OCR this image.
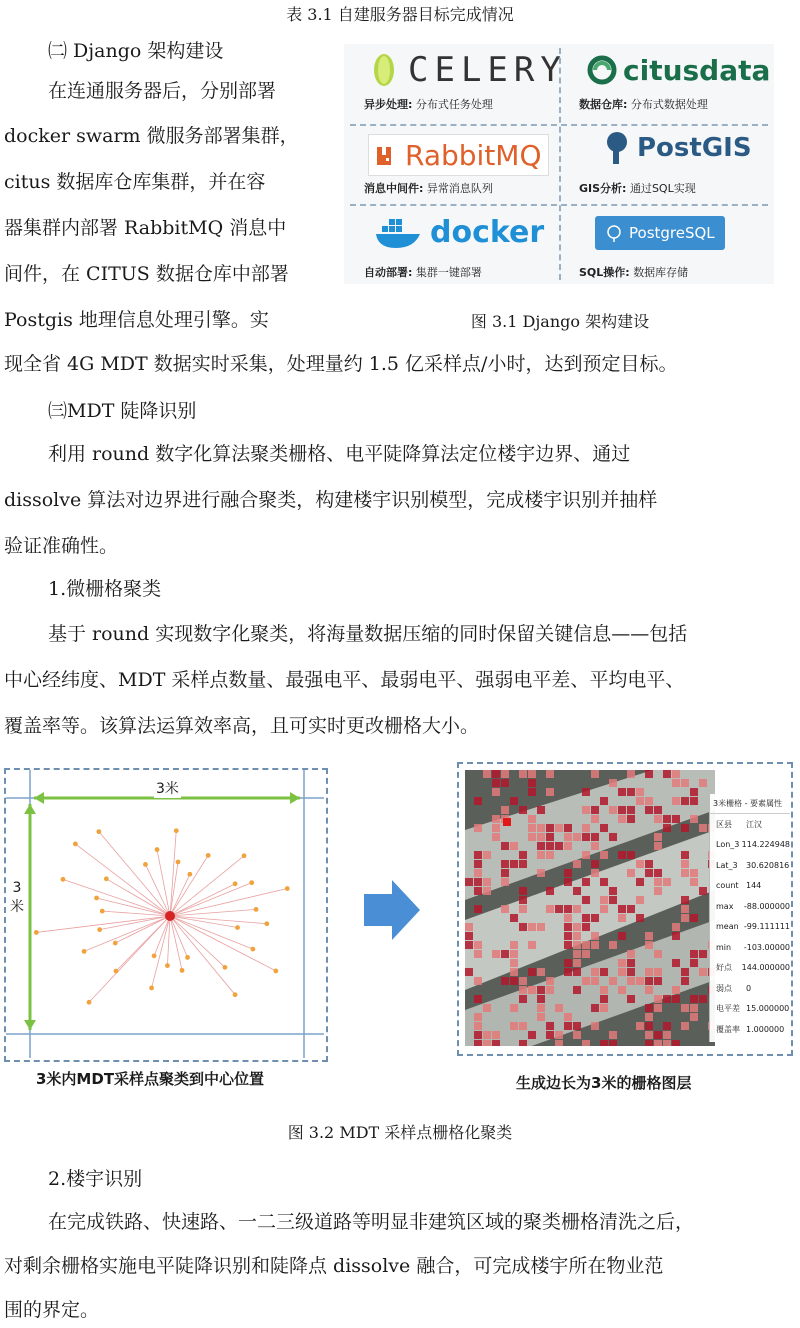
表 3.1 自建服务器目标完成情况
㈡ Django 架构建设
在连通服务器后，分别部署
docker swarm 微服务部署集群，
citus 数据库仓库集群，并在容
器集群内部署 RabbitMQ 消息中
间件，在 CITUS 数据仓库中部署
Postgis 地理信息处理引擎。实
CELERY
异步处理: 分布式任务处理
citusdata
数据仓库: 分布式数据处理
RabbitMQ
消息中间件: 异常消息队列
PostGIS
GIS分析: 通过SQL实现
docker
自动部署: 集群一键部署
PostgreSQL
SQL操作: 数据库存储
图 3.1 Django 架构建设
现全省 4G MDT 数据实时采集，处理量约 1.5 亿采样点/小时，达到预定目标。
㈢MDT 陡降识别
利用 round 数字化算法聚类栅格、电平陡降算法定位楼宇边界、通过
dissolve 算法对边界进行融合聚类，构建楼宇识别模型，完成楼宇识别并抽样
验证准确性。
1.微栅格聚类
基于 round 实现数字化聚类，将海量数据压缩的同时保留关键信息——包括
中心经纬度、MDT 采样点数量、最强电平、最弱电平、强弱电平差、平均电平、
覆盖率等。该算法运算效率高，且可实时更改栅格大小。
3米
3
米
3米内MDT采样点聚类到中心位置
3米栅格 - 要素属性
区县	江汉
Lon_3 114.224948
Lat_3	30.620816
count 144
max	-88.000000
mean -99.111111
min	-103.00000
好点	144.000000
弱点	0
电平差 15.000000
覆盖率 1.000000
生成边长为3米的栅格图层
图 3.2 MDT 采样点栅格化聚类
2.楼宇识别
在完成铁路、快速路、一二三级道路等明显非建筑区域的聚类栅格清洗之后，
对剩余栅格实施电平陡降识别和陡降点 dissolve 融合，可完成楼宇所在物业范
围的界定。
